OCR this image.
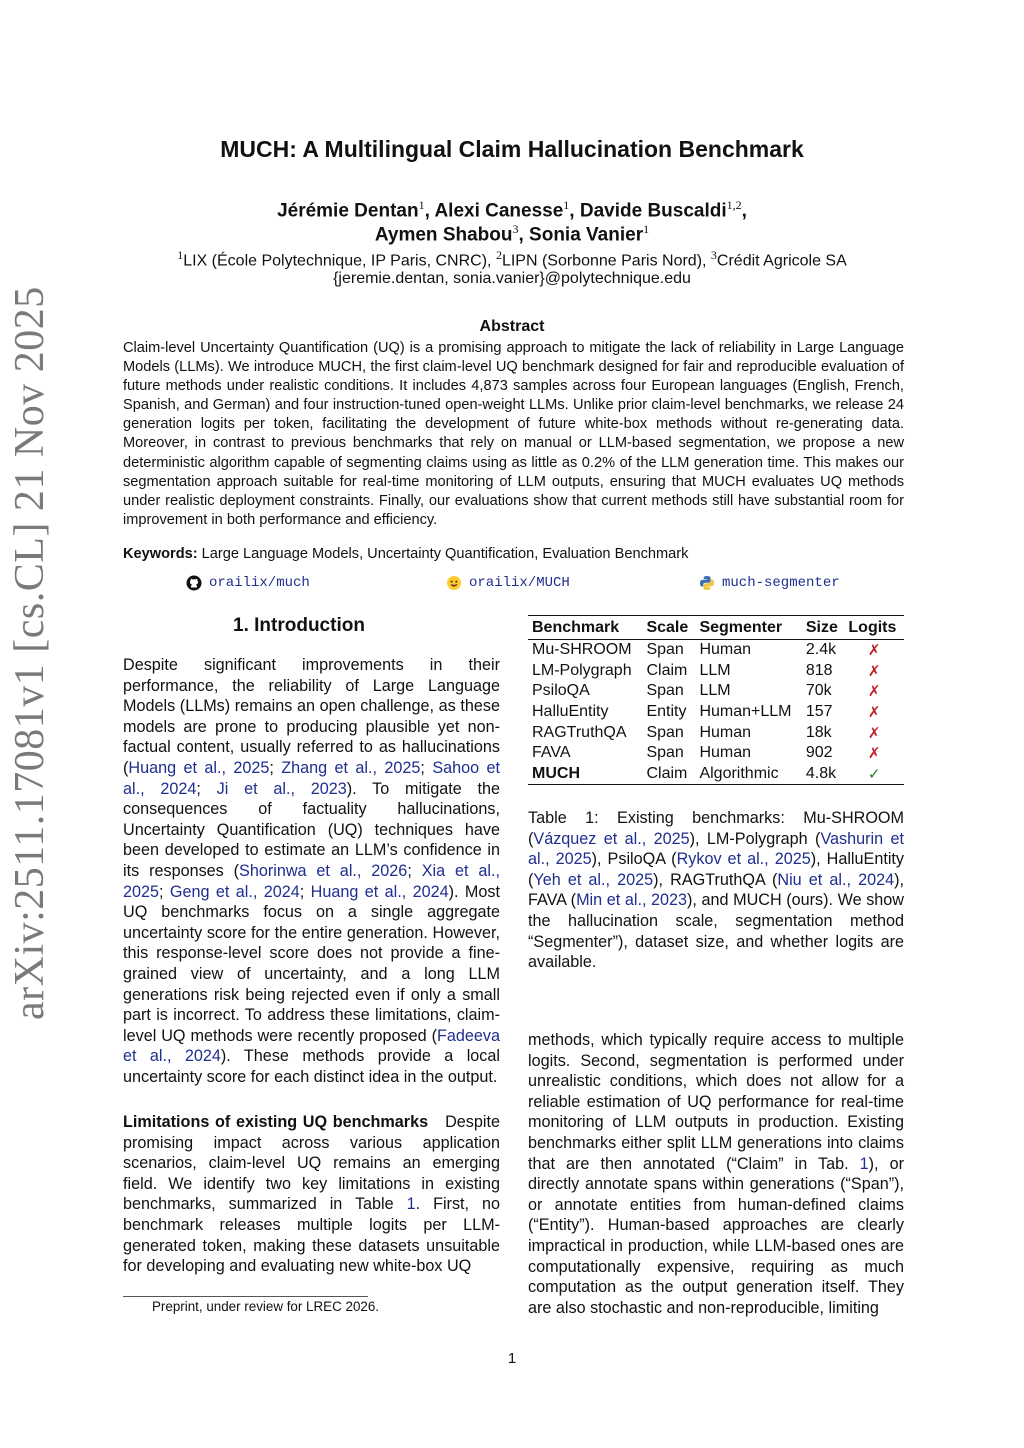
arXiv:2511.17081v1 [cs.CL] 21 Nov 2025
MUCH: A Multilingual Claim Hallucination Benchmark
Jérémie Dentan$^1$, Alexi Canesse$^1$, Davide Buscaldi$^{1,2}$,
Aymen Shabou$^3$, Sonia Vanier$^1$
$^1$LIX (École Polytechnique, IP Paris, CNRC), $^2$LIPN (Sorbonne Paris Nord), $^3$Crédit Agricole SA
{jeremie.dentan, sonia.vanier}@polytechnique.edu
Abstract
Claim-level Uncertainty Quantification (UQ) is a promising approach to mitigate the lack of reliability in Large Language Models (LLMs). We introduce MUCH, the first claim-level UQ benchmark designed for fair and reproducible evaluation of future methods under realistic conditions. It includes 4,873 samples across four European languages (English, French, Spanish, and German) and four instruction-tuned open-weight LLMs. Unlike prior claim-level benchmarks, we release 24 generation logits per token, facilitating the development of future white-box methods without re-generating data. Moreover, in contrast to previous benchmarks that rely on manual or LLM-based segmentation, we propose a new deterministic algorithm capable of segmenting claims using as little as 0.2% of the LLM generation time. This makes our segmentation approach suitable for real-time monitoring of LLM outputs, ensuring that MUCH evaluates UQ methods under realistic deployment constraints. Finally, our evaluations show that current methods still have substantial room for improvement in both performance and efficiency.
Keywords: Large Language Models, Uncertainty Quantification, Evaluation Benchmark
orailix/much	orailix/MUCH	much-segmenter
1. Introduction
Despite significant improvements in their performance, the reliability of Large Language Models (LLMs) remains an open challenge, as these models are prone to producing plausible yet non-factual content, usually referred to as hallucinations (Huang et al., 2025; Zhang et al., 2025; Sahoo et al., 2024; Ji et al., 2023). To mitigate the consequences of factuality hallucinations, Uncertainty Quantification (UQ) techniques have been developed to estimate an LLM’s confidence in its responses (Shorinwa et al., 2026; Xia et al., 2025; Geng et al., 2024; Huang et al., 2024). Most UQ benchmarks focus on a single aggregate uncertainty score for the entire generation. However, this response-level score does not provide a fine-grained view of uncertainty, and a long LLM generations risk being rejected even if only a small part is incorrect. To address these limitations, claim-level UQ methods were recently proposed (Fadeeva et al., 2024). These methods provide a local uncertainty score for each distinct idea in the output.
Limitations of existing UQ benchmarks Despite promising impact across various application scenarios, claim-level UQ remains an emerging field. We identify two key limitations in existing benchmarks, summarized in Table 1. First, no benchmark releases multiple logits per LLM-generated token, making these datasets unsuitable for developing and evaluating new white-box UQ
Benchmark	Scale	Segmenter	Size	Logits
Mu-SHROOM	Span	Human	2.4k	✗
LM-Polygraph	Claim	LLM	818	✗
PsiloQA	Span	LLM	70k	✗
HalluEntity	Entity	Human+LLM	157	✗
RAGTruthQA	Span	Human	18k	✗
FAVA	Span	Human	902	✗
MUCH	Claim	Algorithmic	4.8k	✓
Table 1: Existing benchmarks: Mu-SHROOM (Vázquez et al., 2025), LM-Polygraph (Vashurin et al., 2025), PsiloQA (Rykov et al., 2025), HalluEntity (Yeh et al., 2025), RAGTruthQA (Niu et al., 2024), FAVA (Min et al., 2023), and MUCH (ours). We show the hallucination scale, segmentation method “Segmenter”), dataset size, and whether logits are available.
methods, which typically require access to multiple logits. Second, segmentation is performed under unrealistic conditions, which does not allow for a reliable estimation of UQ performance for real-time monitoring of LLM outputs in production. Existing benchmarks either split LLM generations into claims that are then annotated (“Claim” in Tab. 1), or directly annotate spans within generations (“Span”), or annotate entities from human-defined claims (“Entity”). Human-based approaches are clearly impractical in production, while LLM-based ones are computationally expensive, requiring as much computation as the output generation itself. They are also stochastic and non-reproducible, limiting
Preprint, under review for LREC 2026.
1
